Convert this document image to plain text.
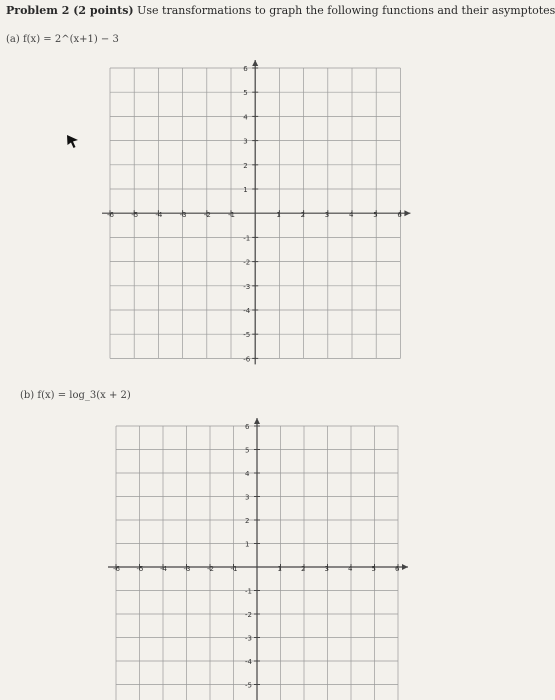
Problem 2 (2 points) Use transformations to graph the following functions and their asymptotes
(a) f(x) = 2^(x+1) − 3
-6 -5 -4 -3 -2 -1	1	2	3	4	5	6
6
5
4
3
2
1
-1
-2
-3
-4
-5
-6
(b) f(x) = log_3(x + 2)
-6 -5 -4 -3 -2 -1	1	2	3	4	5	6
6
5
4
3
2
1
-1
-2
-3
-4
-5
